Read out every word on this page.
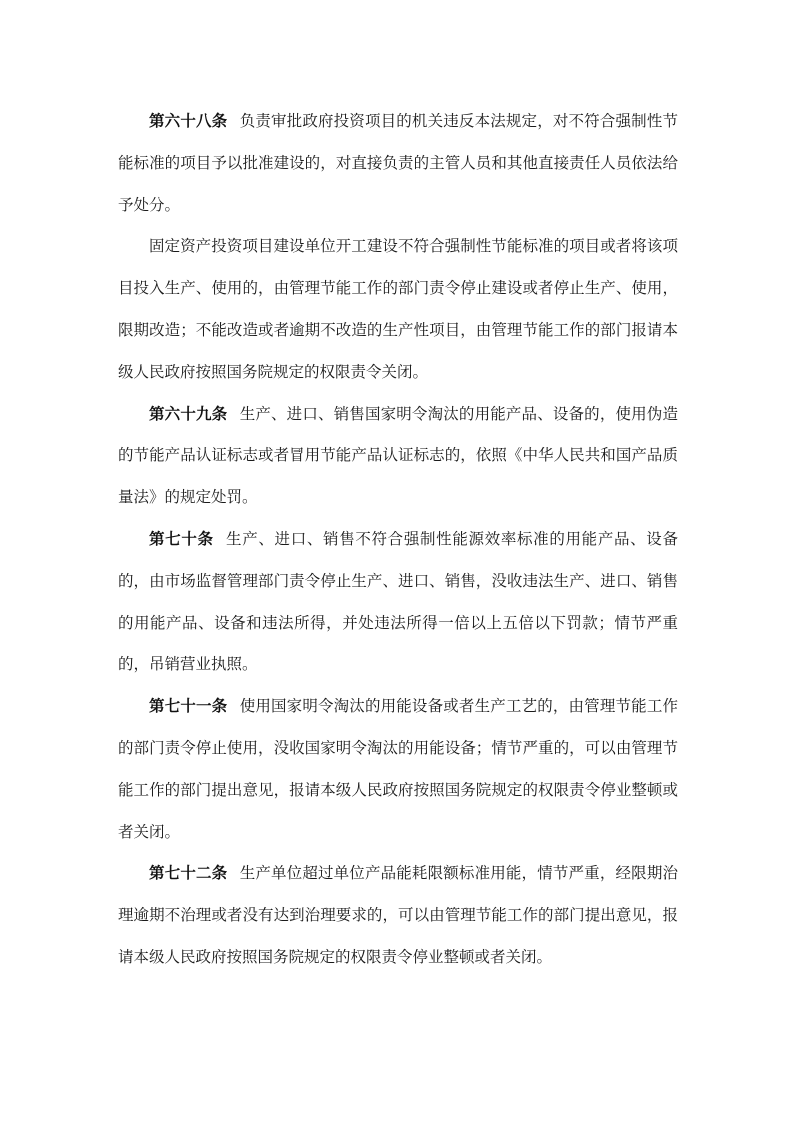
第六十八条 负责审批政府投资项目的机关违反本法规定，对不符合强制性节能标准的项目予以批准建设的，对直接负责的主管人员和其他直接责任人员依法给予处分。

固定资产投资项目建设单位开工建设不符合强制性节能标准的项目或者将该项目投入生产、使用的，由管理节能工作的部门责令停止建设或者停止生产、使用，限期改造；不能改造或者逾期不改造的生产性项目，由管理节能工作的部门报请本级人民政府按照国务院规定的权限责令关闭。

第六十九条 生产、进口、销售国家明令淘汰的用能产品、设备的，使用伪造的节能产品认证标志或者冒用节能产品认证标志的，依照《中华人民共和国产品质量法》的规定处罚。

第七十条 生产、进口、销售不符合强制性能源效率标准的用能产品、设备的，由市场监督管理部门责令停止生产、进口、销售，没收违法生产、进口、销售的用能产品、设备和违法所得，并处违法所得一倍以上五倍以下罚款；情节严重的，吊销营业执照。

第七十一条 使用国家明令淘汰的用能设备或者生产工艺的，由管理节能工作的部门责令停止使用，没收国家明令淘汰的用能设备；情节严重的，可以由管理节能工作的部门提出意见，报请本级人民政府按照国务院规定的权限责令停业整顿或者关闭。

第七十二条 生产单位超过单位产品能耗限额标准用能，情节严重，经限期治理逾期不治理或者没有达到治理要求的，可以由管理节能工作的部门提出意见，报请本级人民政府按照国务院规定的权限责令停业整顿或者关闭。
